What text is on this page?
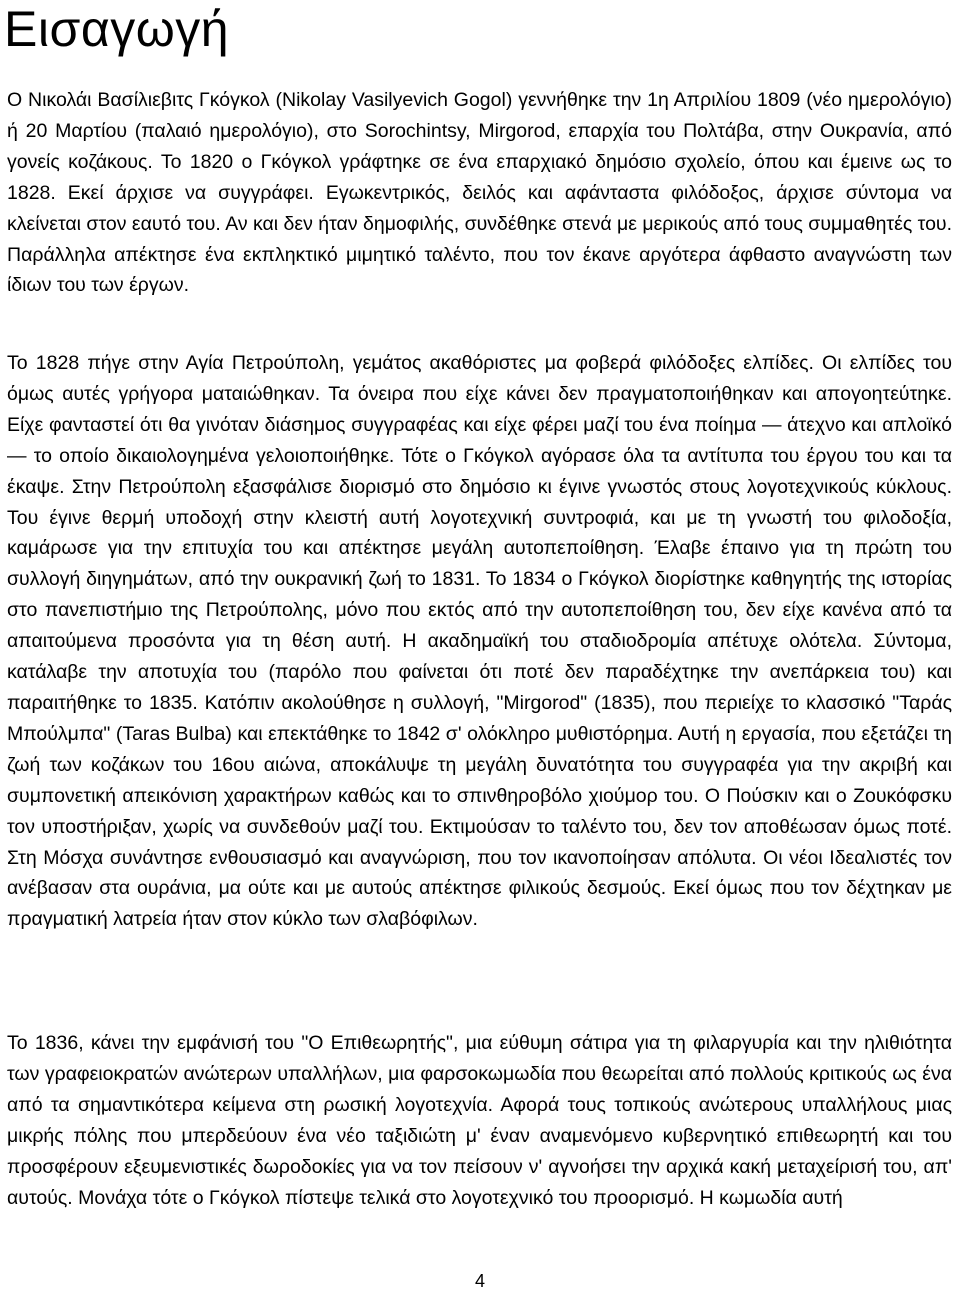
Εισαγωγή

Ο Νικολάι Βασίλιεβιτς Γκόγκολ (Nikolay Vasilyevich Gogol) γεννήθηκε την 1η Απριλίου 1809 (νέο ημερολόγιο) ή 20 Μαρτίου (παλαιό ημερολόγιο), στο Sorochintsy, Mirgorod, επαρχία του Πολτάβα, στην Ουκρανία, από γονείς κοζάκους. Το 1820 ο Γκόγκολ γράφτηκε σε ένα επαρχιακό δημόσιο σχολείο, όπου και έμεινε ως το 1828. Εκεί άρχισε να συγγράφει. Εγωκεντρικός, δειλός και αφάνταστα φιλόδοξος, άρχισε σύντομα να κλείνεται στον εαυτό του. Αν και δεν ήταν δημοφιλής, συνδέθηκε στενά με μερικούς από τους συμμαθητές του. Παράλληλα απέκτησε ένα εκπληκτικό μιμητικό ταλέντο, που τον έκανε αργότερα άφθαστο αναγνώστη των ίδιων του των έργων.

Το 1828 πήγε στην Αγία Πετρούπολη, γεμάτος ακαθόριστες μα φοβερά φιλόδοξες ελπίδες. Οι ελπίδες του όμως αυτές γρήγορα ματαιώθηκαν. Τα όνειρα που είχε κάνει δεν πραγματοποιήθηκαν και απογοητεύτηκε. Είχε φανταστεί ότι θα γινόταν διάσημος συγγραφέας και είχε φέρει μαζί του ένα ποίημα — άτεχνο και απλοϊκό — το οποίο δικαιολογημένα γελοιοποιήθηκε. Τότε ο Γκόγκολ αγόρασε όλα τα αντίτυπα του έργου του και τα έκαψε. Στην Πετρούπολη εξασφάλισε διορισμό στο δημόσιο κι έγινε γνωστός στους λογοτεχνικούς κύκλους. Του έγινε θερμή υποδοχή στην κλειστή αυτή λογοτεχνική συντροφιά, και με τη γνωστή του φιλοδοξία, καμάρωσε για την επιτυχία του και απέκτησε μεγάλη αυτοπεποίθηση. Έλαβε έπαινο για τη πρώτη του συλλογή διηγημάτων, από την ουκρανική ζωή το 1831. Το 1834 ο Γκόγκολ διορίστηκε καθηγητής της ιστορίας στο πανεπιστήμιο της Πετρούπολης, μόνο που εκτός από την αυτοπεποίθηση του, δεν είχε κανένα από τα απαιτούμενα προσόντα για τη θέση αυτή. Η ακαδημαϊκή του σταδιοδρομία απέτυχε ολότελα. Σύντομα, κατάλαβε την αποτυχία του (παρόλο που φαίνεται ότι ποτέ δεν παραδέχτηκε την ανεπάρκεια του) και παραιτήθηκε το 1835. Κατόπιν ακολούθησε η συλλογή, "Mirgorod" (1835), που περιείχε το κλασσικό "Ταράς Μπούλμπα" (Taras Bulba) και επεκτάθηκε το 1842 σ' ολόκληρο μυθιστόρημα. Αυτή η εργασία, που εξετάζει τη ζωή των κοζάκων του 16ου αιώνα, αποκάλυψε τη μεγάλη δυνατότητα του συγγραφέα για την ακριβή και συμπονετική απεικόνιση χαρακτήρων καθώς και το σπινθηροβόλο χιούμορ του. Ο Πούσκιν και ο Ζουκόφσκυ τον υποστήριξαν, χωρίς να συνδεθούν μαζί του. Εκτιμούσαν το ταλέντο του, δεν τον αποθέωσαν όμως ποτέ. Στη Μόσχα συνάντησε ενθουσιασμό και αναγνώριση, που τον ικανοποίησαν απόλυτα. Οι νέοι Ιδεαλιστές τον ανέβασαν στα ουράνια, μα ούτε και με αυτούς απέκτησε φιλικούς δεσμούς. Εκεί όμως που τον δέχτηκαν με πραγματική λατρεία ήταν στον κύκλο των σλαβόφιλων.

Το 1836, κάνει την εμφάνισή του "Ο Επιθεωρητής", μια εύθυμη σάτιρα για τη φιλαργυρία και την ηλιθιότητα των γραφειοκρατών ανώτερων υπαλλήλων, μια φαρσοκωμωδία που θεωρείται από πολλούς κριτικούς ως ένα από τα σημαντικότερα κείμενα στη ρωσική λογοτεχνία. Αφορά τους τοπικούς ανώτερους υπαλλήλους μιας μικρής πόλης που μπερδεύουν ένα νέο ταξιδιώτη μ' έναν αναμενόμενο κυβερνητικό επιθεωρητή και του προσφέρουν εξευμενιστικές δωροδοκίες για να τον πείσουν ν' αγνοήσει την αρχικά κακή μεταχείρισή του, απ' αυτούς. Μονάχα τότε ο Γκόγκολ πίστεψε τελικά στο λογοτεχνικό του προορισμό. Η κωμωδία αυτή

4
